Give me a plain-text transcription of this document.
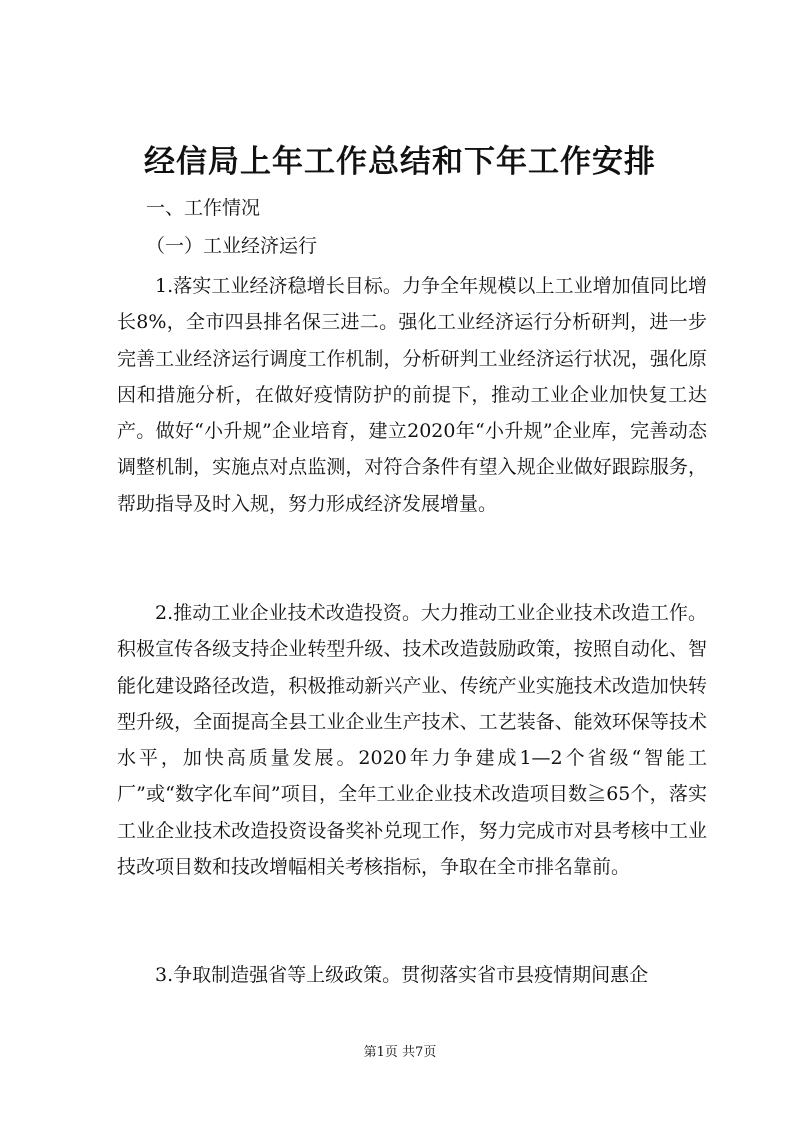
经信局上年工作总结和下年工作安排
一、工作情况
（一）工业经济运行

1.落实工业经济稳增长目标。力争全年规模以上工业增加值同比增长8%，全市四县排名保三进二。强化工业经济运行分析研判，进一步完善工业经济运行调度工作机制，分析研判工业经济运行状况，强化原因和措施分析，在做好疫情防护的前提下，推动工业企业加快复工达产。做好“小升规”企业培育，建立2020年“小升规”企业库，完善动态调整机制，实施点对点监测，对符合条件有望入规企业做好跟踪服务，帮助指导及时入规，努力形成经济发展增量。

2.推动工业企业技术改造投资。大力推动工业企业技术改造工作。积极宣传各级支持企业转型升级、技术改造鼓励政策，按照自动化、智能化建设路径改造，积极推动新兴产业、传统产业实施技术改造加快转型升级，全面提高全县工业企业生产技术、工艺装备、能效环保等技术水平，加快高质量发展。2020年力争建成1—2个省级“智能工厂”或“数字化车间”项目，全年工业企业技术改造项目数≧65个，落实工业企业技术改造投资设备奖补兑现工作，努力完成市对县考核中工业技改项目数和技改增幅相关考核指标，争取在全市排名靠前。

3.争取制造强省等上级政策。贯彻落实省市县疫情期间惠企

第1页 共7页
